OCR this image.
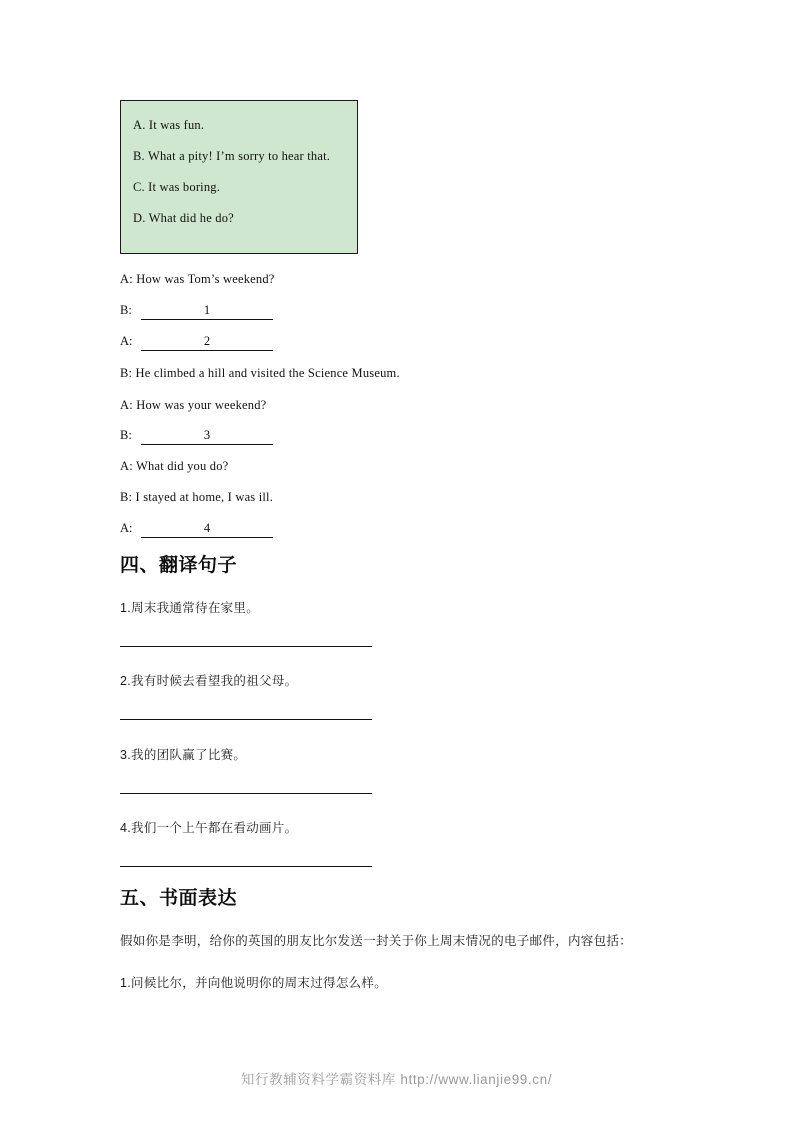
A. It was fun.
B. What a pity! I’m sorry to hear that.
C. It was boring.
D. What did he do?
A: How was Tom’s weekend?
B:	1
A:	2
B: He climbed a hill and visited the Science Museum.
A: How was your weekend?
B:	3
A: What did you do?
B: I stayed at home, I was ill.
A:	4
四、翻译句子
1.周末我通常待在家里。
2.我有时候去看望我的祖父母。
3.我的团队赢了比赛。
4.我们一个上午都在看动画片。
五、书面表达
假如你是李明，给你的英国的朋友比尔发送一封关于你上周末情况的电子邮件，内容包括：
1.问候比尔，并向他说明你的周末过得怎么样。
知行教辅资料学霸资料库 http://www.lianjie99.cn/
